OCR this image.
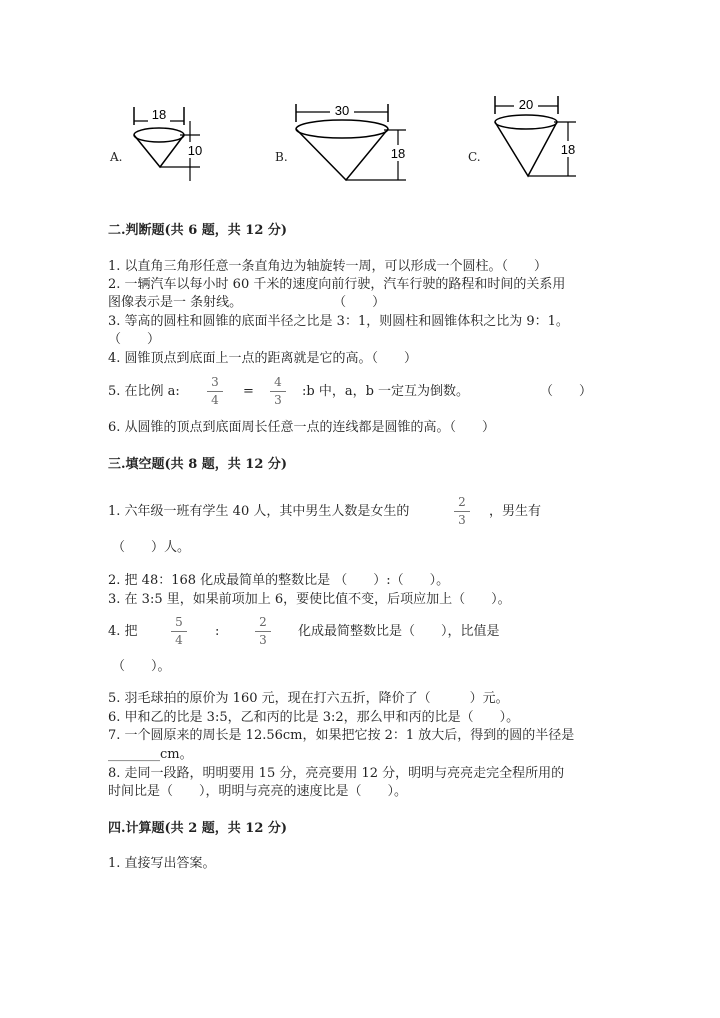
A.
18
10	B.
30
18	C.
20
18
二.判断题(共 6 题，共 12 分)
1. 以直角三角形任意一条直角边为轴旋转一周，可以形成一个圆柱。（　　）
2. 一辆汽车以每小时 60 千米的速度向前行驶，汽车行驶的路程和时间的关系用
图像表示是一 条射线。　　　　　　　　（　　）
3. 等高的圆柱和圆锥的底面半径之比是 3：1，则圆柱和圆锥体积之比为 9：1。
（　　）
4. 圆锥顶点到底面上一点的距离就是它的高。（　　）
5. 在比例 a:
3
4
=
4
3
:b 中，a，b 一定互为倒数。	（　　）
6. 从圆锥的顶点到底面周长任意一点的连线都是圆锥的高。（　　）
三.填空题(共 8 题，共 12 分)
1. 六年级一班有学生 40 人，其中男生人数是女生的
2
3
，男生有
（　　）人。
2. 把 48：168 化成最简单的整数比是 （　　）:（　　）。
3. 在 3:5 里，如果前项加上 6，要使比值不变，后项应加上（　　）。
4. 把
5
4
:
2
3
化成最简整数比是（　　），比值是
（　　）。
5. 羽毛球拍的原价为 160 元，现在打六五折，降价了（　　　）元。
6. 甲和乙的比是 3:5，乙和丙的比是 3:2，那么甲和丙的比是（　　）。
7. 一个圆原来的周长是 12.56cm，如果把它按 2：1 放大后，得到的圆的半径是
________cm。
8. 走同一段路，明明要用 15 分，亮亮要用 12 分，明明与亮亮走完全程所用的
时间比是（　　），明明与亮亮的速度比是（　　）。
四.计算题(共 2 题，共 12 分)
1. 直接写出答案。
